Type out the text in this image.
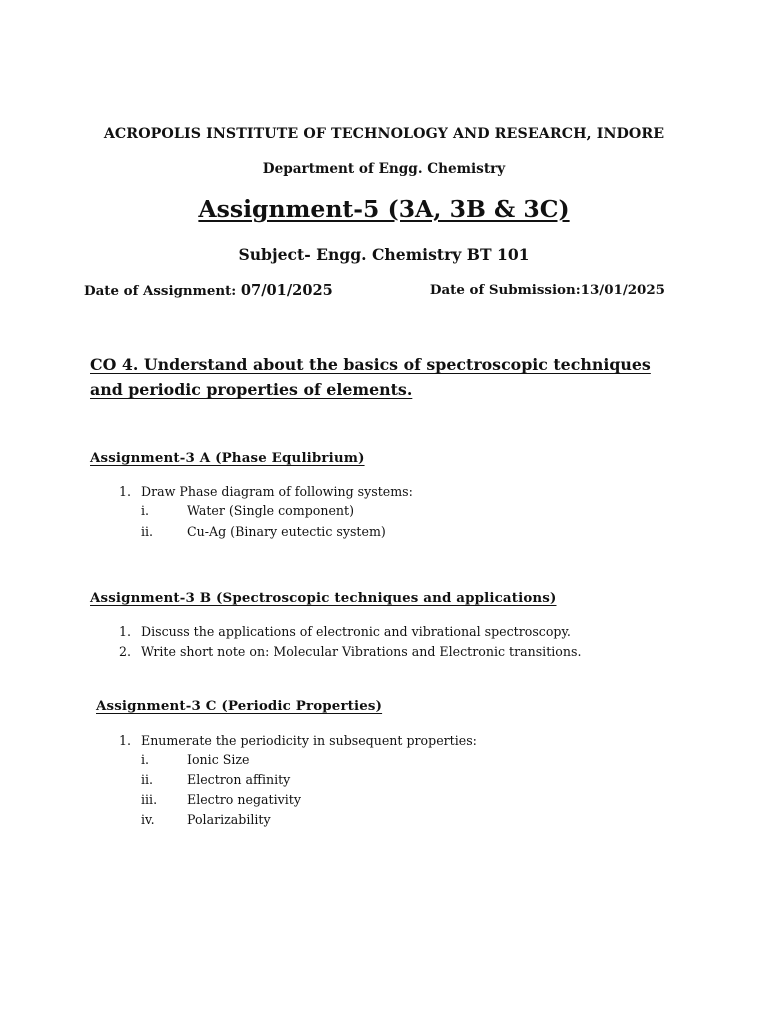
ACROPOLIS INSTITUTE OF TECHNOLOGY AND RESEARCH, INDORE
Department of Engg. Chemistry
Assignment-5 (3A, 3B & 3C)
Subject- Engg. Chemistry BT 101
Date of Assignment: 07/01/2025	Date of Submission:13/01/2025
CO 4. Understand about the basics of spectroscopic techniques
and periodic properties of elements.
Assignment-3 A (Phase Equlibrium)
1. Draw Phase diagram of following systems:
i.	Water (Single component)
ii.	Cu-Ag (Binary eutectic system)
Assignment-3 B (Spectroscopic techniques and applications)
1. Discuss the applications of electronic and vibrational spectroscopy.
2. Write short note on: Molecular Vibrations and Electronic transitions.
Assignment-3 C (Periodic Properties)
1. Enumerate the periodicity in subsequent properties:
i.	Ionic Size
ii.	Electron affinity
iii. Electro negativity
iv.	Polarizability
